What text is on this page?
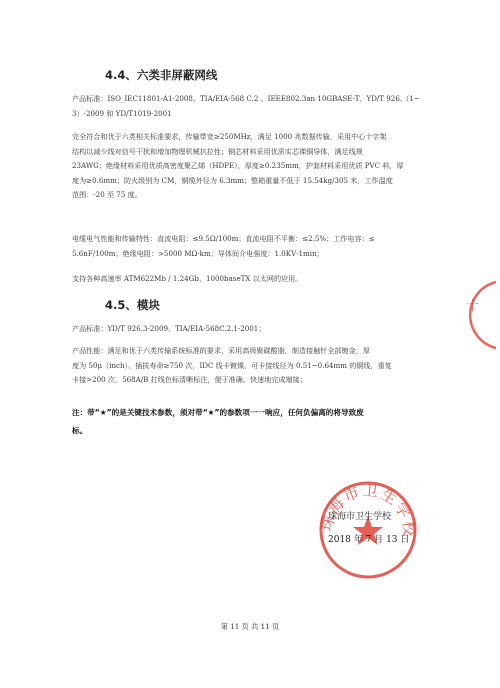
4.4、六类非屏蔽网线
产品标准：ISO_IEC11801-A1-2008、TIA/EIA-568 C.2 、IEEE802.3an 10GBASE-T、YD/T 926.（1~
3）-2009 和 YD/T1019-2001
完全符合和优于六类相关标准要求，传输带宽≥250MHz，满足 1000 兆数据传输，采用中心十字架
结构以减少线对信号干扰和增加物理机械抗拉性；铜芯材料采用优质实芯裸铜导体，满足线规
23AWG；绝缘材料采用优质高密度聚乙烯（HDPE），厚度≥0.235mm，护套材料采用优质 PVC 料，厚
度为≥0.6mm；防火级别为 CM，铜缆外径为 6.3mm；整箱重量不低于 15.54kg/305 米，工作温度
范围：-20 至 75 度。
电缆电气性能和传输特性：直流电阻：≤9.5Ω/100m；直流电阻不平衡：≤2.5%；工作电容：≤
5.6nF/100m；绝缘电阻：>5000 MΩ·km；导体间介电强度：1.0KV·1min；
支持各种高速率 ATM622Mb / 1.24Gb、1000baseTX 以太网的应用。
4.5、模块
产品标准：YD/T 926.3-2009、TIA/EIA-568C.2.1-2001；
产品性能：满足和优于六类传输系统标准的要求，采用高级聚碳酸脂，制造接触针全部镀金，厚
度为 50μ（inch）、插拔寿命≥750 次，IDC 线卡镀镍，可卡接线径为 0.51~0.64mm 的铜线，重复
卡接>200 次，568A/B 打线色标清晰标注，便于准确、快速地完成端接；
注：带“★”的是关键技术参数，须对带“★”的参数项一一响应，任何负偏离的将导致废
标。
珠海市卫生学校
珠海市卫生学校
2018 年 7 月 13 日
十
第 11 页 共 11 页
